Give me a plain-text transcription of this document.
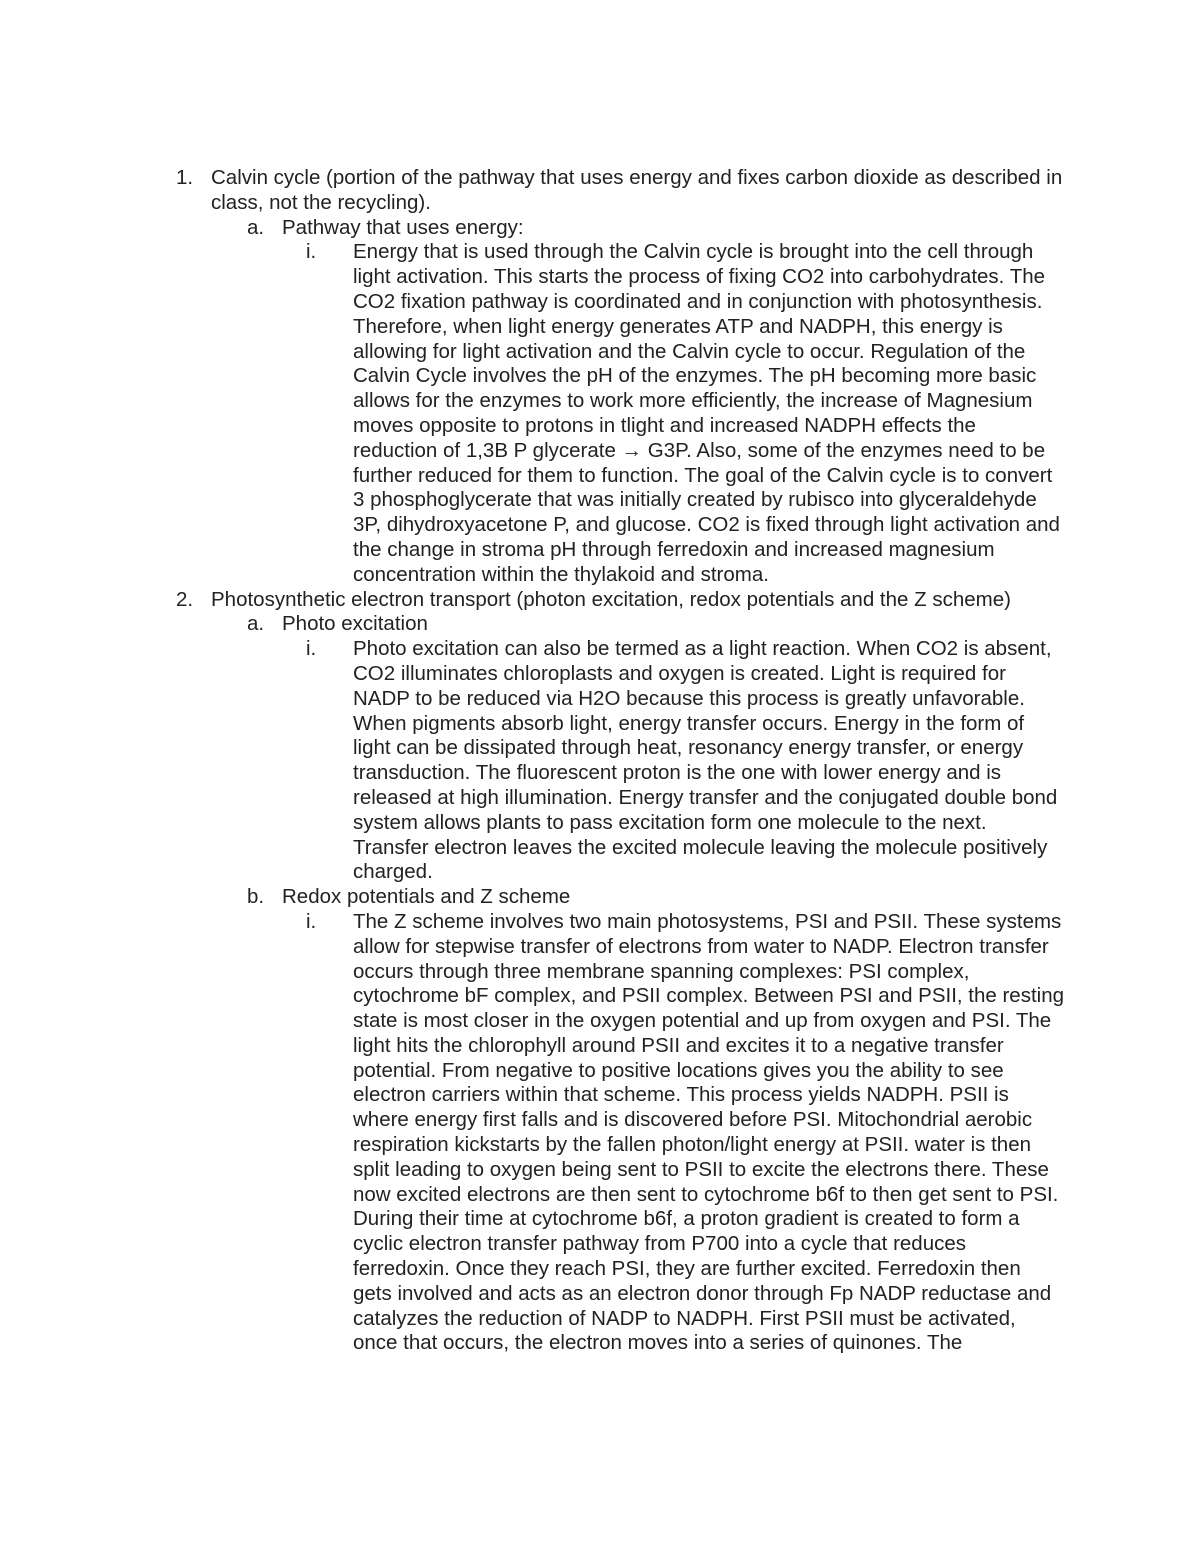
1. Calvin cycle (portion of the pathway that uses energy and fixes carbon dioxide as described in class, not the recycling).
a. Pathway that uses energy:
i. Energy that is used through the Calvin cycle is brought into the cell through light activation. This starts the process of fixing CO2 into carbohydrates. The CO2 fixation pathway is coordinated and in conjunction with photosynthesis. Therefore, when light energy generates ATP and NADPH, this energy is allowing for light activation and the Calvin cycle to occur. Regulation of the Calvin Cycle involves the pH of the enzymes. The pH becoming more basic allows for the enzymes to work more efficiently, the increase of Magnesium moves opposite to protons in tlight and increased NADPH effects the reduction of 1,3B P glycerate → G3P. Also, some of the enzymes need to be further reduced for them to function. The goal of the Calvin cycle is to convert 3 phosphoglycerate that was initially created by rubisco into glyceraldehyde 3P, dihydroxyacetone P, and glucose. CO2 is fixed through light activation and the change in stroma pH through ferredoxin and increased magnesium concentration within the thylakoid and stroma.
2. Photosynthetic electron transport (photon excitation, redox potentials and the Z scheme)
a. Photo excitation
i. Photo excitation can also be termed as a light reaction. When CO2 is absent, CO2 illuminates chloroplasts and oxygen is created. Light is required for NADP to be reduced via H2O because this process is greatly unfavorable. When pigments absorb light, energy transfer occurs. Energy in the form of light can be dissipated through heat, resonancy energy transfer, or energy transduction. The fluorescent proton is the one with lower energy and is released at high illumination. Energy transfer and the conjugated double bond system allows plants to pass excitation form one molecule to the next. Transfer electron leaves the excited molecule leaving the molecule positively charged.
b. Redox potentials and Z scheme
i. The Z scheme involves two main photosystems, PSI and PSII. These systems allow for stepwise transfer of electrons from water to NADP. Electron transfer occurs through three membrane spanning complexes: PSI complex, cytochrome bF complex, and PSII complex. Between PSI and PSII, the resting state is most closer in the oxygen potential and up from oxygen and PSI. The light hits the chlorophyll around PSII and excites it to a negative transfer potential. From negative to positive locations gives you the ability to see electron carriers within that scheme. This process yields NADPH. PSII is where energy first falls and is discovered before PSI. Mitochondrial aerobic respiration kickstarts by the fallen photon/light energy at PSII. water is then split leading to oxygen being sent to PSII to excite the electrons there. These now excited electrons are then sent to cytochrome b6f to then get sent to PSI. During their time at cytochrome b6f, a proton gradient is created to form a cyclic electron transfer pathway from P700 into a cycle that reduces ferredoxin. Once they reach PSI, they are further excited. Ferredoxin then gets involved and acts as an electron donor through Fp NADP reductase and catalyzes the reduction of NADP to NADPH. First PSII must be activated, once that occurs, the electron moves into a series of quinones. The
